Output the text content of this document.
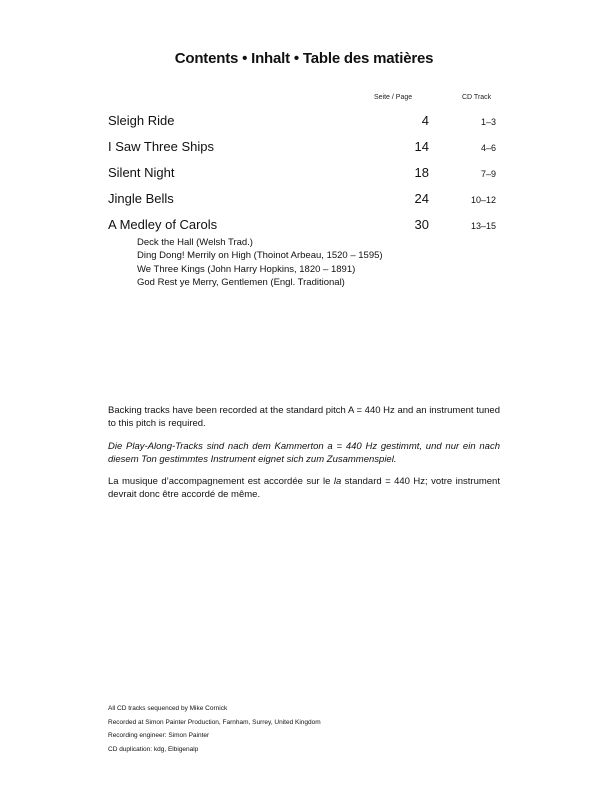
Contents • Inhalt • Table des matières
Seite / Page	CD Track
Sleigh Ride	4	1–3
I Saw Three Ships	14	4–6
Silent Night	18	7–9
Jingle Bells	24	10–12
A Medley of Carols	30	13–15
Deck the Hall (Welsh Trad.)
Ding Dong! Merrily on High (Thoinot Arbeau, 1520 – 1595)
We Three Kings (John Harry Hopkins, 1820 – 1891)
God Rest ye Merry, Gentlemen (Engl. Traditional)

Backing tracks have been recorded at the standard pitch A = 440 Hz and an instrument tuned to this pitch is required.

Die Play-Along-Tracks sind nach dem Kammerton a = 440 Hz gestimmt, und nur ein nach diesem Ton gestimmtes Instrument eignet sich zum Zusammenspiel.

La musique d’accompagnement est accordée sur le la standard = 440 Hz; votre instrument devrait donc être accordé de même.

All CD tracks sequenced by Mike Cornick
Recorded at Simon Painter Production, Farnham, Surrey, United Kingdom
Recording engineer: Simon Painter
CD duplication: kdg, Elbigenalp
